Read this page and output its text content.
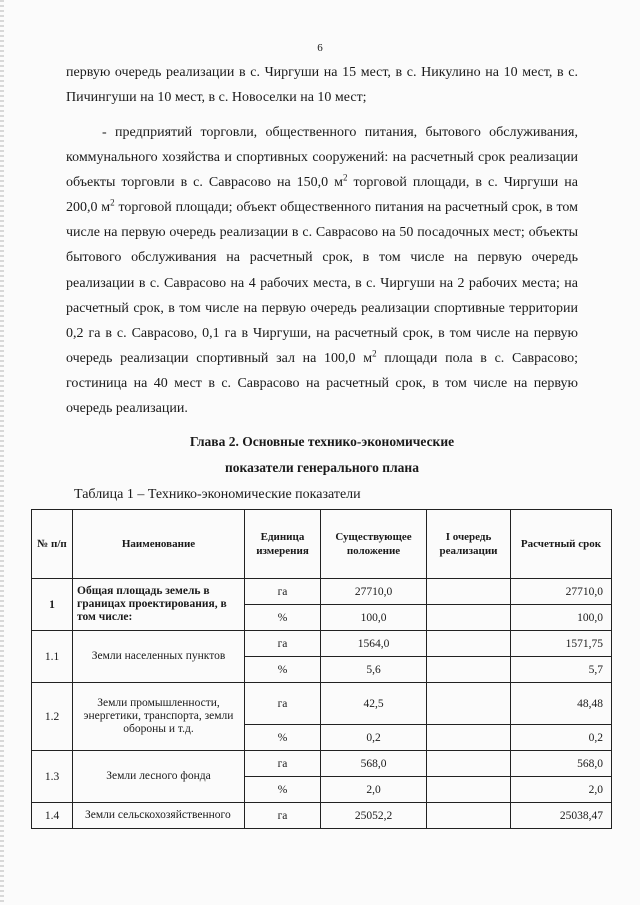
6
первую очередь реализации в с. Чиргуши на 15 мест, в с. Никулино на 10 мест, в с. Пичингуши на 10 мест, в с. Новоселки на 10 мест;
- предприятий торговли, общественного питания, бытового обслуживания, коммунального хозяйства и спортивных сооружений: на расчетный срок реализации объекты торговли в с. Саврасово на 150,0 $м^2$ торговой площади, в с. Чиргуши на 200,0 $м^2$ торговой площади; объект общественного питания на расчетный срок, в том числе на первую очередь реализации в с. Саврасово на 50 посадочных мест; объекты бытового обслуживания на расчетный срок, в том числе на первую очередь реализации в с. Саврасово на 4 рабочих места, в с. Чиргуши на 2 рабочих места; на расчетный срок, в том числе на первую очередь реализации спортивные территории 0,2 га в с. Саврасово, 0,1 га в Чиргуши, на расчетный срок, в том числе на первую очередь реализации спортивный зал на 100,0 $м^2$ площади пола в с. Саврасово; гостиница на 40 мест в с. Саврасово на расчетный срок, в том числе на первую очередь реализации.
Глава 2. Основные технико-экономические
показатели генерального плана
Таблица 1 – Технико-экономические показатели
№ п/п	Наименование	Единица измерения	Существующее положение	I очередь реализации	Расчетный срок
1	Общая площадь земель в границах проектирования, в том числе:	га	27710,0		27710,0
		%	100,0		100,0
1.1	Земли населенных пунктов	га	1564,0		1571,75
		%	5,6		5,7
1.2	Земли промышленности, энергетики, транспорта, земли обороны и т.д.	га	42,5		48,48
		%	0,2		0,2
1.3	Земли лесного фонда	га	568,0		568,0
		%	2,0		2,0
1.4	Земли сельскохозяйственного	га	25052,2		25038,47
